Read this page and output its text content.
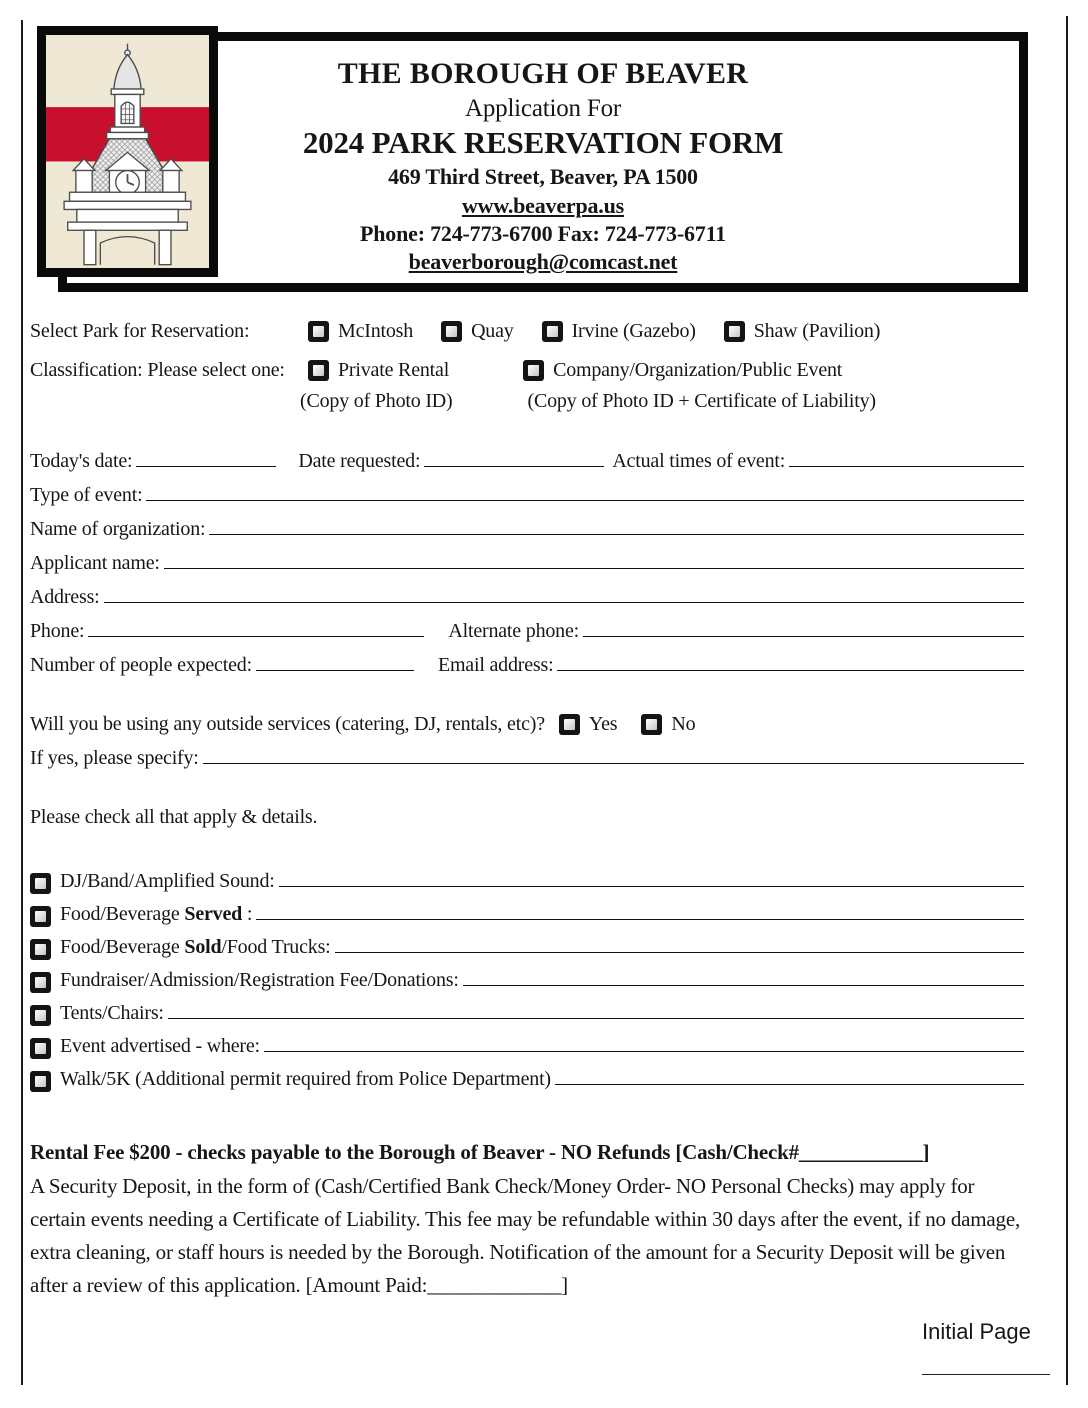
THE BOROUGH OF BEAVER
Application For
2024 PARK RESERVATION FORM
469 Third Street, Beaver, PA 1500
www.beaverpa.us
Phone: 724-773-6700 Fax: 724-773-6711
beaverborough@comcast.net
Select Park for Reservation:	McIntosh	Quay	Irvine (Gazebo)	Shaw (Pavilion)
Classification: Please select one:	Private Rental	Company/Organization/Public Event
(Copy of Photo ID)	(Copy of Photo ID + Certificate of Liability)
Today's date:	Date requested:	Actual times of event:
Type of event:
Name of organization:
Applicant name:
Address:
Phone:	Alternate phone:
Number of people expected:	Email address:
Will you be using any outside services (catering, DJ, rentals, etc)? Yes	No
If yes, please specify:
Please check all that apply & details.
DJ/Band/Amplified Sound:
Food/Beverage Served :
Food/Beverage Sold/Food Trucks:
Fundraiser/Admission/Registration Fee/Donations:
Tents/Chairs:
Event advertised - where:
Walk/5K (Additional permit required from Police Department)
Rental Fee $200 - checks payable to the Borough of Beaver - NO Refunds [Cash/Check#____________]
A Security Deposit, in the form of (Cash/Certified Bank Check/Money Order- NO Personal Checks) may apply for certain events needing a Certificate of Liability. This fee may be refundable within 30 days after the event, if no damage, extra cleaning, or staff hours is needed by the Borough. Notification of the amount for a Security Deposit will be given after a review of this application. [Amount Paid:_____________]
Initial Page
